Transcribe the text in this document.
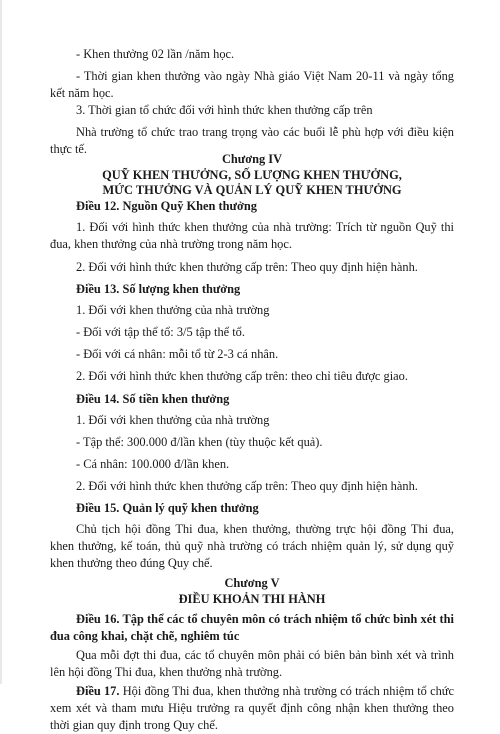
- Khen thưởng 02 lần /năm học.

- Thời gian khen thưởng vào ngày Nhà giáo Việt Nam 20-11 và ngày tổng kết năm học.

3. Thời gian tổ chức đối với hình thức khen thưởng cấp trên

Nhà trường tổ chức trao trang trọng vào các buổi lễ phù hợp với điều kiện thực tế.

Chương IV
QUỸ KHEN THƯỞNG, SỐ LƯỢNG KHEN THƯỞNG,
MỨC THƯỞNG VÀ QUẢN LÝ QUỸ KHEN THƯỞNG

Điều 12. Nguồn Quỹ Khen thưởng

1. Đối với hình thức khen thưởng của nhà trường: Trích từ nguồn Quỹ thi đua, khen thưởng của nhà trường trong năm học.

2. Đối với hình thức khen thưởng cấp trên: Theo quy định hiện hành.

Điều 13. Số lượng khen thưởng

1. Đối với khen thưởng của nhà trường

- Đối với tập thể tổ: 3/5 tập thể tổ.

- Đối với cá nhân: mỗi tổ từ 2-3 cá nhân.

2. Đối với hình thức khen thưởng cấp trên: theo chỉ tiêu được giao.

Điều 14. Số tiền khen thưởng

1. Đối với khen thưởng của nhà trường

- Tập thể: 300.000 đ/lần khen (tùy thuộc kết quả).

- Cá nhân: 100.000 đ/lần khen.

2. Đối với hình thức khen thưởng cấp trên: Theo quy định hiện hành.

Điều 15. Quản lý quỹ khen thưởng

Chủ tịch hội đồng Thi đua, khen thưởng, thường trực hội đồng Thi đua, khen thưởng, kế toán, thủ quỹ nhà trường có trách nhiệm quản lý, sử dụng quỹ khen thưởng theo đúng Quy chế.

Chương V
ĐIỀU KHOẢN THI HÀNH

Điều 16. Tập thể các tổ chuyên môn có trách nhiệm tổ chức bình xét thi đua công khai, chặt chẽ, nghiêm túc

Qua mỗi đợt thi đua, các tổ chuyên môn phải có biên bản bình xét và trình lên hội đồng Thi đua, khen thưởng nhà trường.

Điều 17. Hội đồng Thi đua, khen thưởng nhà trường có trách nhiệm tổ chức xem xét và tham mưu Hiệu trưởng ra quyết định công nhận khen thưởng theo thời gian quy định trong Quy chế.
